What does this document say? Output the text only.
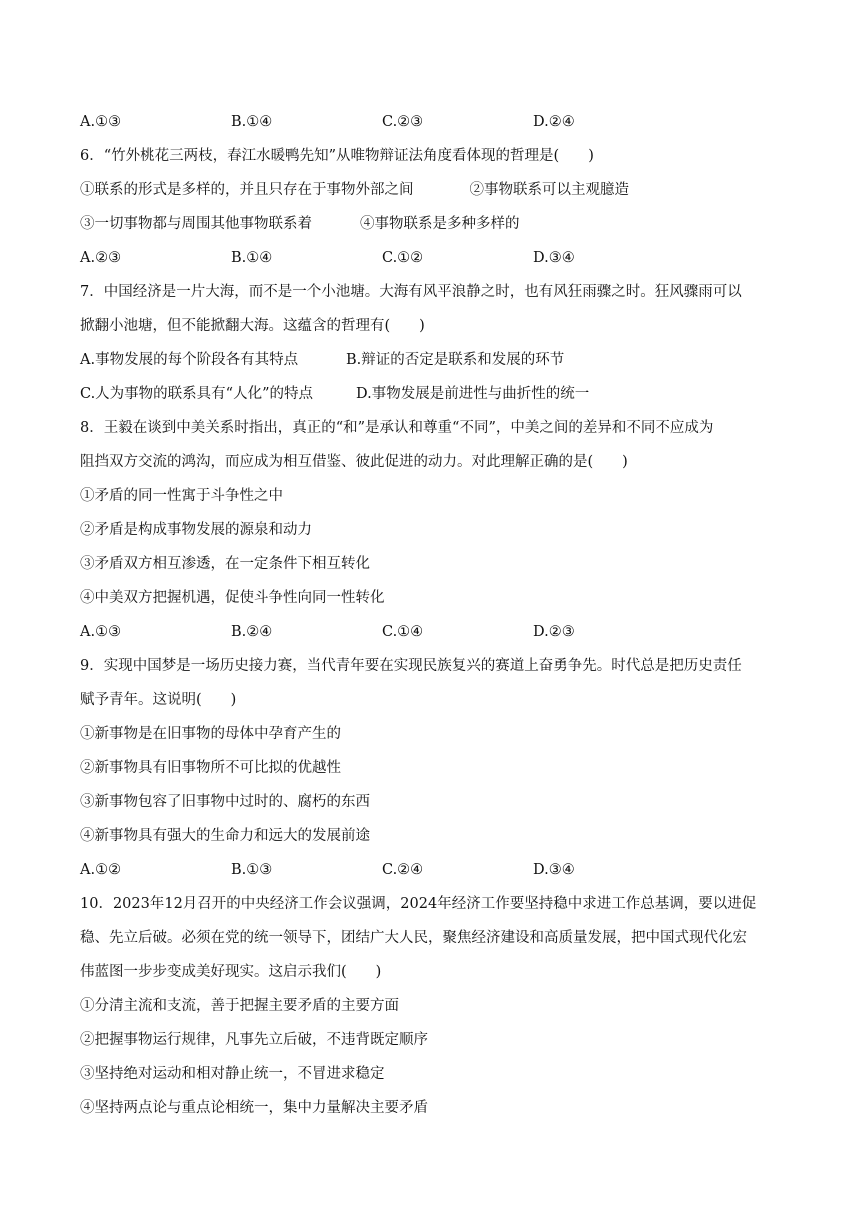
A.①③	B.①④	C.②③	D.②④
6．“竹外桃花三两枝，春江水暖鸭先知”从唯物辩证法角度看体现的哲理是(　　)
①联系的形式是多样的，并且只存在于事物外部之间	②事物联系可以主观臆造
③一切事物都与周围其他事物联系着	④事物联系是多种多样的
A.②③	B.①④	C.①②	D.③④
7．中国经济是一片大海，而不是一个小池塘。大海有风平浪静之时，也有风狂雨骤之时。狂风骤雨可以
掀翻小池塘，但不能掀翻大海。这蕴含的哲理有(　　)
A.事物发展的每个阶段各有其特点	B.辩证的否定是联系和发展的环节
C.人为事物的联系具有“人化”的特点	D.事物发展是前进性与曲折性的统一
8．王毅在谈到中美关系时指出，真正的“和”是承认和尊重“不同”，中美之间的差异和不同不应成为
阻挡双方交流的鸿沟，而应成为相互借鉴、彼此促进的动力。对此理解正确的是(　　)
①矛盾的同一性寓于斗争性之中
②矛盾是构成事物发展的源泉和动力
③矛盾双方相互渗透，在一定条件下相互转化
④中美双方把握机遇，促使斗争性向同一性转化
A.①③	B.②④	C.①④	D.②③
9．实现中国梦是一场历史接力赛，当代青年要在实现民族复兴的赛道上奋勇争先。时代总是把历史责任
赋予青年。这说明(　　)
①新事物是在旧事物的母体中孕育产生的
②新事物具有旧事物所不可比拟的优越性
③新事物包容了旧事物中过时的、腐朽的东西
④新事物具有强大的生命力和远大的发展前途
A.①②	B.①③	C.②④	D.③④
10．2023年12月召开的中央经济工作会议强调，2024年经济工作要坚持稳中求进工作总基调，要以进促
稳、先立后破。必须在党的统一领导下，团结广大人民，聚焦经济建设和高质量发展，把中国式现代化宏
伟蓝图一步步变成美好现实。这启示我们(　　)
①分清主流和支流，善于把握主要矛盾的主要方面
②把握事物运行规律，凡事先立后破，不违背既定顺序
③坚持绝对运动和相对静止统一，不冒进求稳定
④坚持两点论与重点论相统一，集中力量解决主要矛盾
